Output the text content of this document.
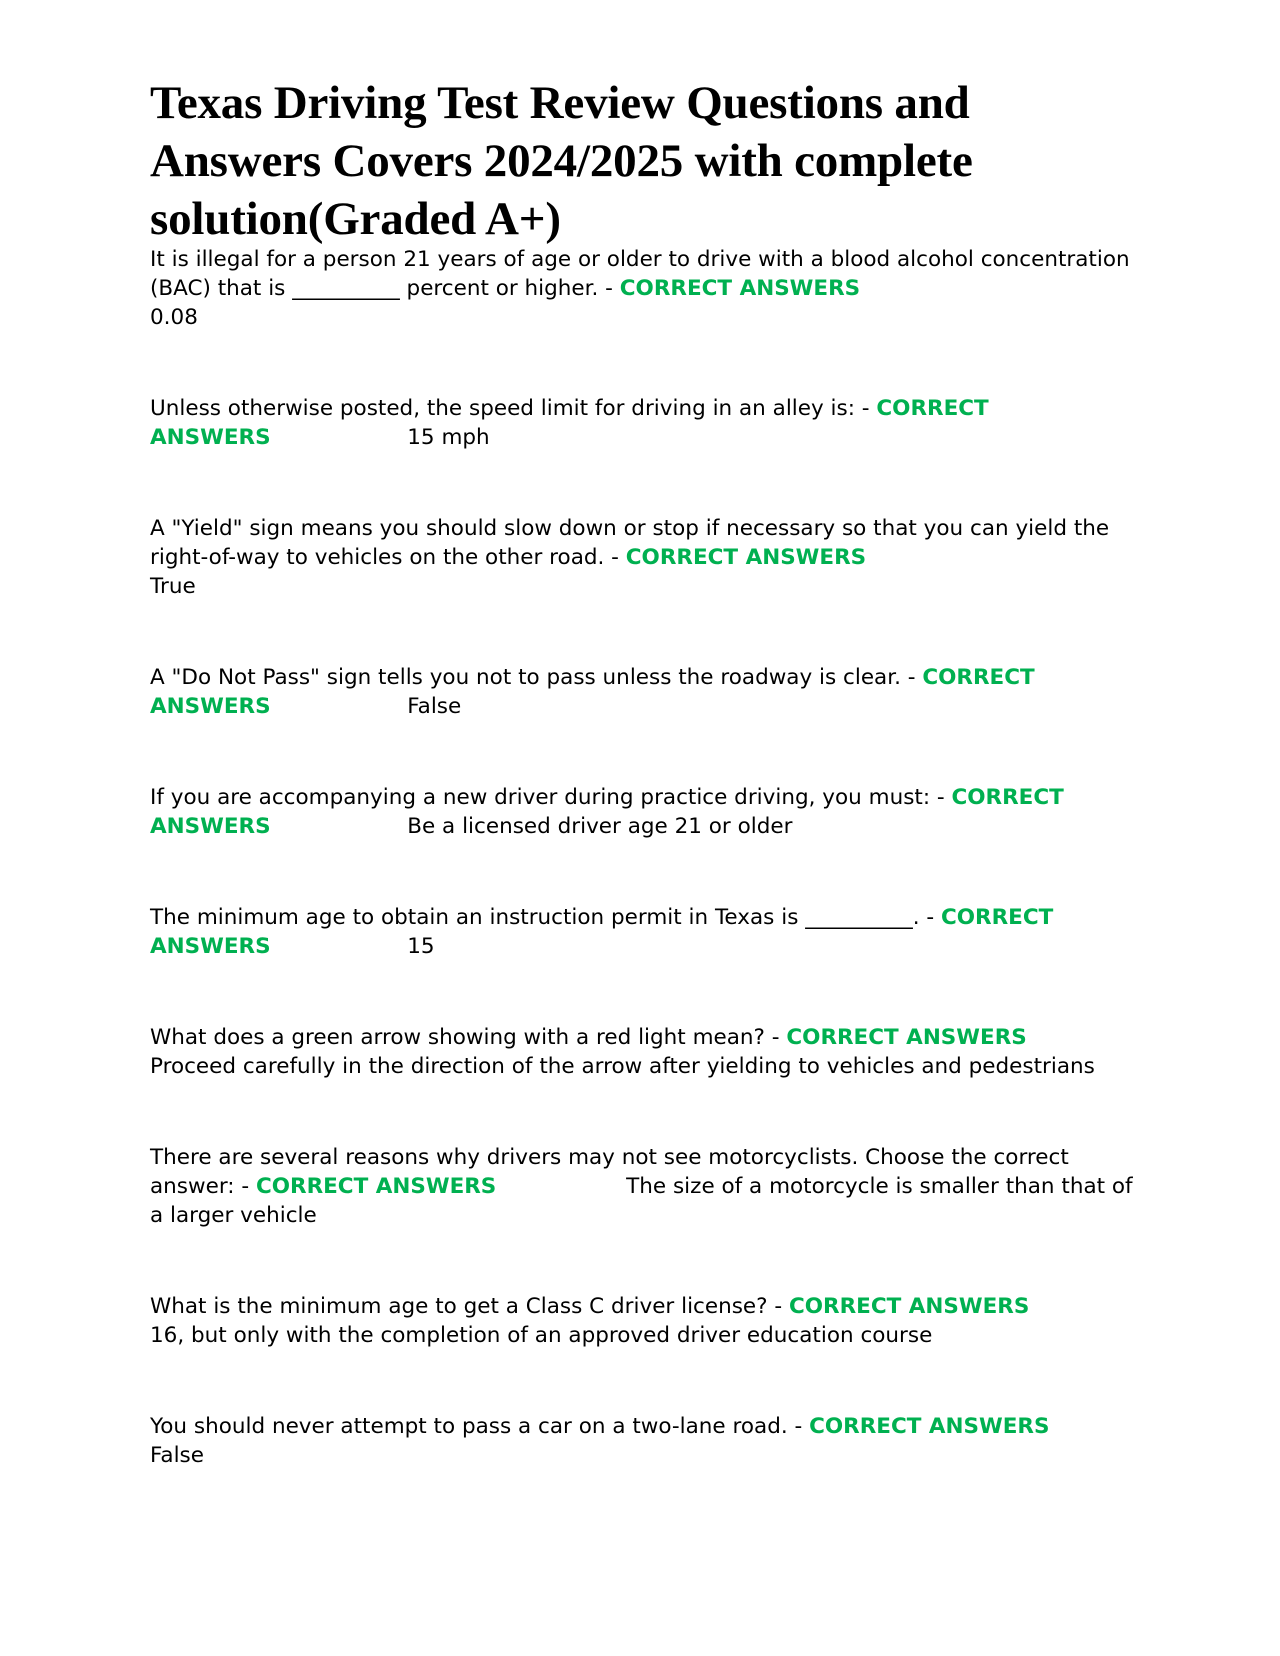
Texas Driving Test Review Questions and Answers Covers 2024/2025 with complete solution(Graded A+)

It is illegal for a person 21 years of age or older to drive with a blood alcohol concentration (BAC) that is __________ percent or higher. - CORRECT ANSWERS
0.08

Unless otherwise posted, the speed limit for driving in an alley is: - CORRECT ANSWERS	15 mph

A "Yield" sign means you should slow down or stop if necessary so that you can yield the right-of-way to vehicles on the other road. - CORRECT ANSWERS
True

A "Do Not Pass" sign tells you not to pass unless the roadway is clear. - CORRECT ANSWERS	False

If you are accompanying a new driver during practice driving, you must: - CORRECT ANSWERS	Be a licensed driver age 21 or older

The minimum age to obtain an instruction permit in Texas is __________. - CORRECT ANSWERS	15

What does a green arrow showing with a red light mean? - CORRECT ANSWERS
Proceed carefully in the direction of the arrow after yielding to vehicles and pedestrians

There are several reasons why drivers may not see motorcyclists. Choose the correct answer: - CORRECT ANSWERS	The size of a motorcycle is smaller than that of a larger vehicle

What is the minimum age to get a Class C driver license? - CORRECT ANSWERS
16, but only with the completion of an approved driver education course

You should never attempt to pass a car on a two-lane road. - CORRECT ANSWERS
False
